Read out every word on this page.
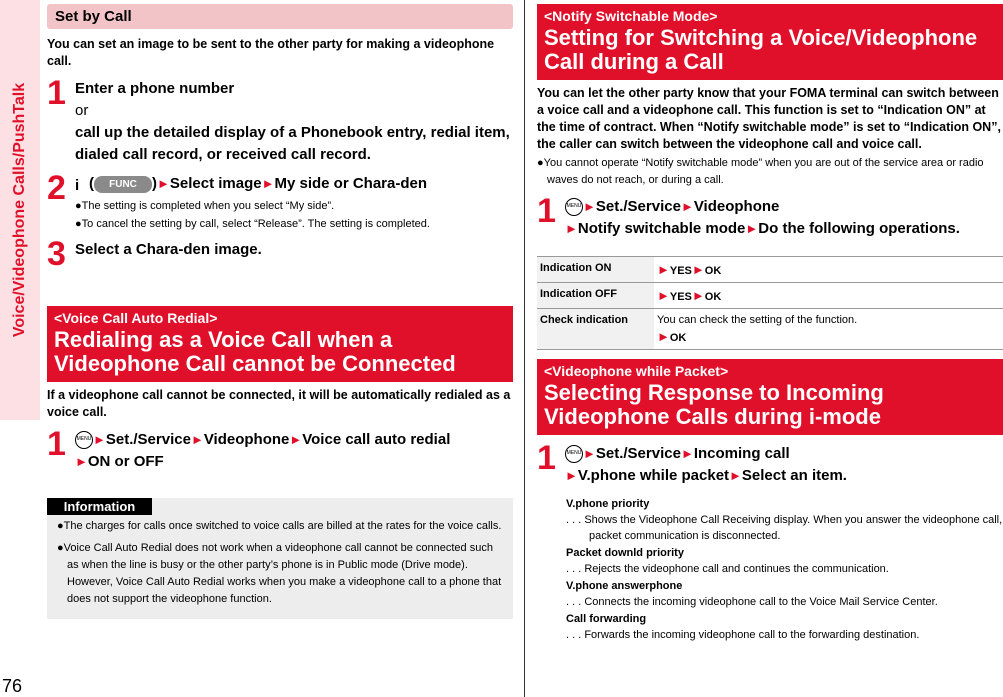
Voice/Videophone Calls/PushTalk
76
Set by Call
You can set an image to be sent to the other party for making a videophone call.
1 Enter a phone number
or
call up the detailed display of a Phonebook entry, redial item, dialed call record, or received call record.
2 i ( FUNC )►Select image►My side or Chara-den
●The setting is completed when you select “My side”.
●To cancel the setting by call, select “Release”. The setting is completed.
3 Select a Chara-den image.
<Voice Call Auto Redial>
Redialing as a Voice Call when a
Videophone Call cannot be Connected
If a videophone call cannot be connected, it will be automatically redialed as a voice call.
1	MENU ►Set./Service►Videophone►Voice call auto redial
►ON or OFF
Information
●The charges for calls once switched to voice calls are billed at the rates for the voice calls.
●Voice Call Auto Redial does not work when a videophone call cannot be connected such as when the line is busy or the other party’s phone is in Public mode (Drive mode). However, Voice Call Auto Redial works when you make a videophone call to a phone that does not support the videophone function.
<Notify Switchable Mode>
Setting for Switching a Voice/Videophone
Call during a Call
You can let the other party know that your FOMA terminal can switch between a voice call and a videophone call. This function is set to “Indication ON” at the time of contract. When “Notify switchable mode” is set to “Indication ON”, the caller can switch between the videophone call and voice call.
●You cannot operate “Notify switchable mode” when you are out of the service area or radio waves do not reach, or during a call.
1	MENU ►Set./Service►Videophone
►Notify switchable mode►Do the following operations.
Indication ON	►YES►OK
Indication OFF	►YES►OK
Check indication	You can check the setting of the function.
►OK
<Videophone while Packet>
Selecting Response to Incoming
Videophone Calls during i-mode
1	MENU ►Set./Service►Incoming call
►V.phone while packet►Select an item.
V.phone priority
. . . Shows the Videophone Call Receiving display. When you answer the videophone call, packet communication is disconnected.
Packet downld priority
. . . Rejects the videophone call and continues the communication.
V.phone answerphone
. . . Connects the incoming videophone call to the Voice Mail Service Center.
Call forwarding
. . . Forwards the incoming videophone call to the forwarding destination.
